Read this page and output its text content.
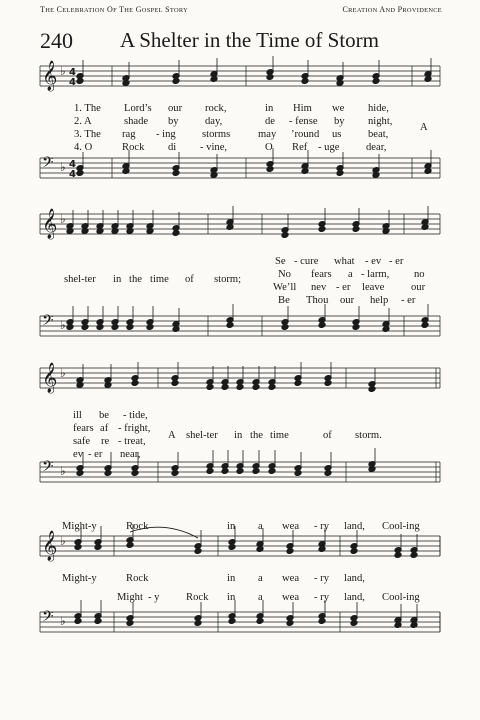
THE CELEBRATION OF THE GOSPEL STORY	CREATION AND PROVIDENCE
240 A Shelter in the Time of Storm
𝄞 ♭ 4
4
𝄢 ♭ 4
4
𝄞 ♭
𝄢 ♭
𝄞 ♭
𝄢 ♭
𝄞 ♭
𝄢 ♭
1. The Lord’s our rock,	in Him we hide,
2. A	shade by day,	de - fense by night,
A
3. The rag - ing storms	may ’round us	beat,
4. O	Rock di - vine,	O Ref - uge	dear,
shel-ter in the time of storm;
Se - cure what - ev - er
No fears a - larm, no
We’ll nev - er leave	our
Be Thou our help - er
ill be - tide,
fears af - fright,
safe re - treat,
ev - er near,
A shel-ter in the time	of storm.
Might-y	Rock	in a wea - ry land, Cool-ing
Might-y	Rock	in a wea - ry land,
Might - y	Rock in a wea - ry land, Cool-ing
